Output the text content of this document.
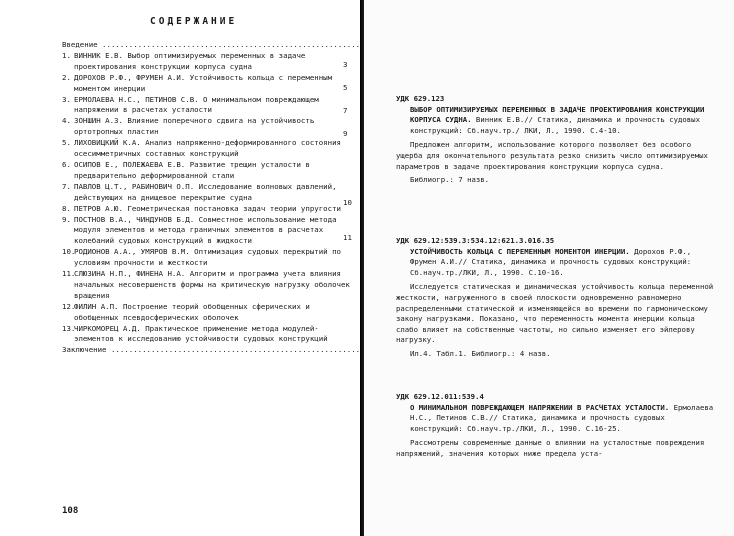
СОДЕРЖАНИЕ
Введение .....
1. ВИННИК Е.В. Выбор оптимизируемых переменных в задаче проектирования конструкции корпуса судна
2. ДОРОХОВ Р.Ф., ФРУМЕН А.И. Устойчивость кольца с переменным моментом инерции
3. ЕРМОЛАЕВА Н.С., ПЕТИНОВ С.В. О минимальном повреждающем напряжении в расчетах усталости
4. ЗОНШИН А.З. Влияние поперечного сдвига на устойчивость ортотропных пластин
5. ЛИХОВИЦКИЙ К.А. Анализ напряженно-деформированного состояния осесимметричных составных конструкций
6. ОСИПОВ Е., ПОЛЕЖАЕВА Е.В. Развитие трещин усталости в предварительно деформированной стали
7. ПАВЛОВ Ц.Т., РАБИНОВИЧ О.П. Исследование волновых давлений, действующих на днищевое перекрытие судна
8. ПЕТРОВ А.Ю. Геометрическая постановка задач теории упругости
9. ПОСТНОВ В.А., ЧИНДУНОВ Б.Д. Совместное использование метода модуля элементов и метода граничных элементов в расчетах колебаний судовых конструкций в жидкости
10.
РОДИОНОВ А.А., УМЯРОВ В.М. Оптимизация судовых перекрытий по условиям прочности и жесткости
11.
СЛЮЗИНА Н.П., ФИНЕНА Н.А. Алгоритм и программа учета влияния начальных несовершенств формы на критическую нагрузку оболочек вращения
12.
ФИЛИН А.П. Построение теорий обобщенных сферических и обобщенных псевдосферических оболочек
13.
ЧИРКОМОРЕЦ А.Д. Практическое применение метода модулей-элементов к исследованию устойчивости судовых конструкций
Заключение .....
3
5
7
9
10
11
108
УДК 629.123

ВЫБОР ОПТИМИЗИРУЕМЫХ ПЕРЕМЕННЫХ В ЗАДАЧЕ ПРОЕКТИРОВАНИЯ КОНСТРУКЦИИ КОРПУСА СУДНА. Винник Е.В.// Статика, динамика и прочность судовых конструкций: Сб.науч.тр./ ЛКИ, Л., 1990. С.4-10.

Предложен алгоритм, использование которого позволяет без особого ущерба для окончательного результата резко снизить число оптимизируемых параметров в задаче проектирования конструкции корпуса судна.

Библиогр.: 7 назв.

УДК 629.12:539.3:534.12:621.3.016.35

УСТОЙЧИВОСТЬ КОЛЬЦА С ПЕРЕМЕННЫМ МОМЕНТОМ ИНЕРЦИИ. Дорохов Р.Ф., Фрумен А.И.// Статика, динамика и прочность судовых конструкций: Сб.науч.тр./ЛКИ, Л., 1990. С.10-16.

Исследуется статическая и динамическая устойчивость кольца переменной жесткости, нагруженного в своей плоскости одновременно равномерно распределенными статической и изменяющейся во времени по гармоническому закону нагрузками. Показано, что переменность момента инерции кольца слабо влияет на собственные частоты, но сильно изменяет его эйлерову нагрузку.

Ил.4. Табл.1. Библиогр.: 4 назв.

УДК 629.12.011:539.4

О МИНИМАЛЬНОМ ПОВРЕЖДАЮЩЕМ НАПРЯЖЕНИИ В РАСЧЕТАХ УСТАЛОСТИ. Ермолаева Н.С., Петинов С.В.// Статика, динамика и прочность судовых конструкций: Сб.науч.тр./ЛКИ, Л., 1990. С.16-25.

Рассмотрены современные данные о влиянии на усталостные повреждения напряжений, значения которых ниже предела уста-
